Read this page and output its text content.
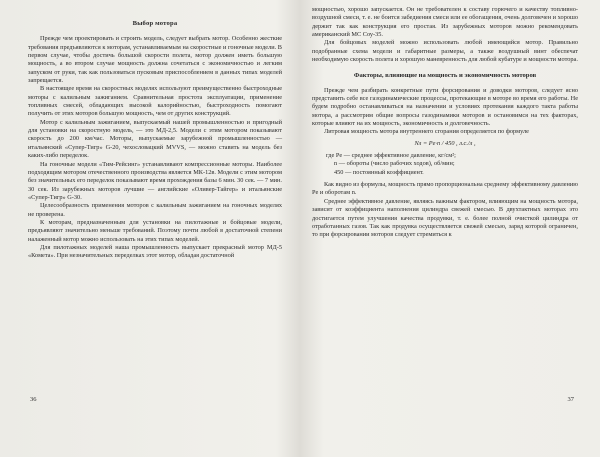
Выбор мотора

Прежде чем проектировать и строить модель, следует выбрать мотор. Особенно жесткие требования предъявляются к моторам, устанавливаемым на скоростные и гоночные модели. В первом случае, чтобы достичь большой скорости полета, мотор должен иметь большую мощность, а во втором случае мощность должна сочетаться с экономичностью и легким запуском от руки, так как пользоваться пусковым приспособлением в данных типах моделей запрещается.

В настоящее время на скоростных моделях используют преимущественно быстроходные моторы с калильным зажиганием. Сравнительная простота эксплуатации, применение топливных смесей, обладающих высокой калорийностью, быстроходность помогают получить от этих моторов большую мощность, чем от других конструкций.

Мотор с калильным зажиганием, выпускаемый нашей промышленностью и пригодный для установки на скоростную модель, — это МД-2,5. Модели с этим мотором показывают скорость до 200 км/час. Моторы, выпускаемые зарубежной промышленностью — итальянский «Супер-Тигр» G-20, чехословацкий MVVS, — можно ставить на модель без каких-либо переделок.

На гоночные модели «Тим-Рейсинг» устанавливают компрессионные моторы. Наиболее подходящим мотором отечественного производства является МК-12в. Модели с этим мотором без значительных его переделок показывают время прохождения базы 6 мин. 30 сек. — 7 мин. 30 сек. Из зарубежных моторов лучшие — английские «Оливер-Тайгер» и итальянские «Супер-Тигр» G-30.

Целесообразность применения моторов с калильным зажиганием на гоночных моделях не проверена.

К моторам, предназначенным для установки на пилотажные и бойцовые модели, предъявляют значительно меньше требований. Поэтому почти любой в достаточной степени налаженный мотор можно использовать на этих типах моделей.

Для пилотажных моделей наша промышленность выпускает прекрасный мотор МД-5 «Комета». При незначительных переделках этот мотор, обладая достаточной

36

мощностью, хорошо запускается. Он не требователен к составу горючего и качеству топливно-воздушной смеси, т. е. не боится забедиения смеси или ее обогащения, очень долговечен и хорошо держит так как конструкция его простая. Из зарубежных моторов можно рекомендовать американский МС Соу-35.

Для бойцовых моделей можно использовать любой имеющийся мотор. Правильно подобранные схема модели и габаритные размеры, а также воздушный винт обеспечат необходимую скорость полета и хорошую маневренность для любой кубатуре и мощности мотора.

Факторы, влияющие на мощность и экономичность моторов

Прежде чем разбирать конкретные пути форсирования и доводки моторов, следует ясно представить себе все газодинамические процессы, протекающие в моторе во время его работы. Не будем подробно останавливаться на назначении и условиях протекания каждого такта работы мотора, а рассмотрим общие вопросы газодинамики моторов и остановимся на тех факторах, которые влияют на их мощность, экономичность и долговечность.

Литровая мощность мотора внутреннего сгорания определяется по формуле

Nл = Pe·n / 450 , л.с./л ,

где Pe — среднее эффективное давление, кг/см²;

n — обороты (число рабочих ходов), об/мин;

450 — постоянный коэффициент.

Как видно из формулы, мощность прямо пропорциональна среднему эффективному давлению Pe и оборотам n.

Среднее эффективное давление, являясь важным фактором, влияющим на мощность мотора, зависит от коэффициента наполнения цилиндра свежей смесью. В двухтактных моторах это достигается путем улучшения качества продувки, т. е. более полной очисткой цилиндра от отработанных газов. Так как продувка осуществляется свежей смесью, заряд которой ограничен, то при форсировании моторов следует стремиться к

37
